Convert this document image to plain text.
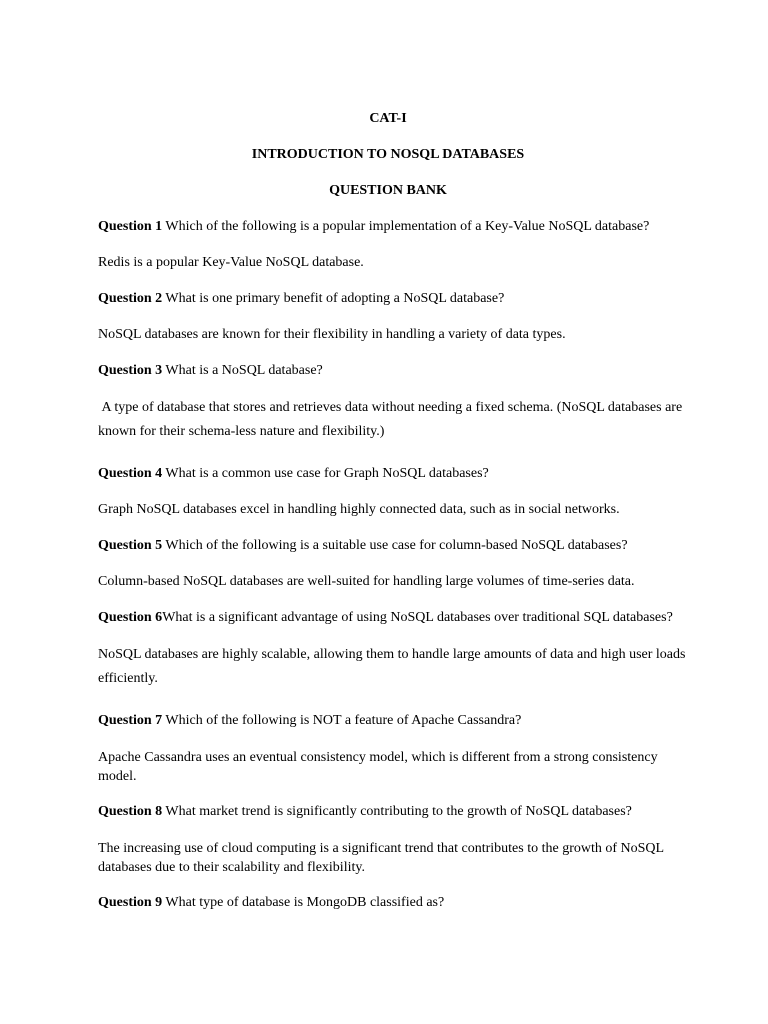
CAT-I
INTRODUCTION TO NOSQL DATABASES
QUESTION BANK
Question 1 Which of the following is a popular implementation of a Key-Value NoSQL database?
Redis is a popular Key-Value NoSQL database.
Question 2 What is one primary benefit of adopting a NoSQL database?
NoSQL databases are known for their flexibility in handling a variety of data types.
Question 3 What is a NoSQL database?
A type of database that stores and retrieves data without needing a fixed schema. (NoSQL databases are known for their schema-less nature and flexibility.)
Question 4 What is a common use case for Graph NoSQL databases?
Graph NoSQL databases excel in handling highly connected data, such as in social networks.
Question 5 Which of the following is a suitable use case for column-based NoSQL databases?
Column-based NoSQL databases are well-suited for handling large volumes of time-series data.
Question 6What is a significant advantage of using NoSQL databases over traditional SQL databases?
NoSQL databases are highly scalable, allowing them to handle large amounts of data and high user loads efficiently.
Question 7 Which of the following is NOT a feature of Apache Cassandra?
Apache Cassandra uses an eventual consistency model, which is different from a strong consistency model.
Question 8 What market trend is significantly contributing to the growth of NoSQL databases?
The increasing use of cloud computing is a significant trend that contributes to the growth of NoSQL databases due to their scalability and flexibility.
Question 9 What type of database is MongoDB classified as?
